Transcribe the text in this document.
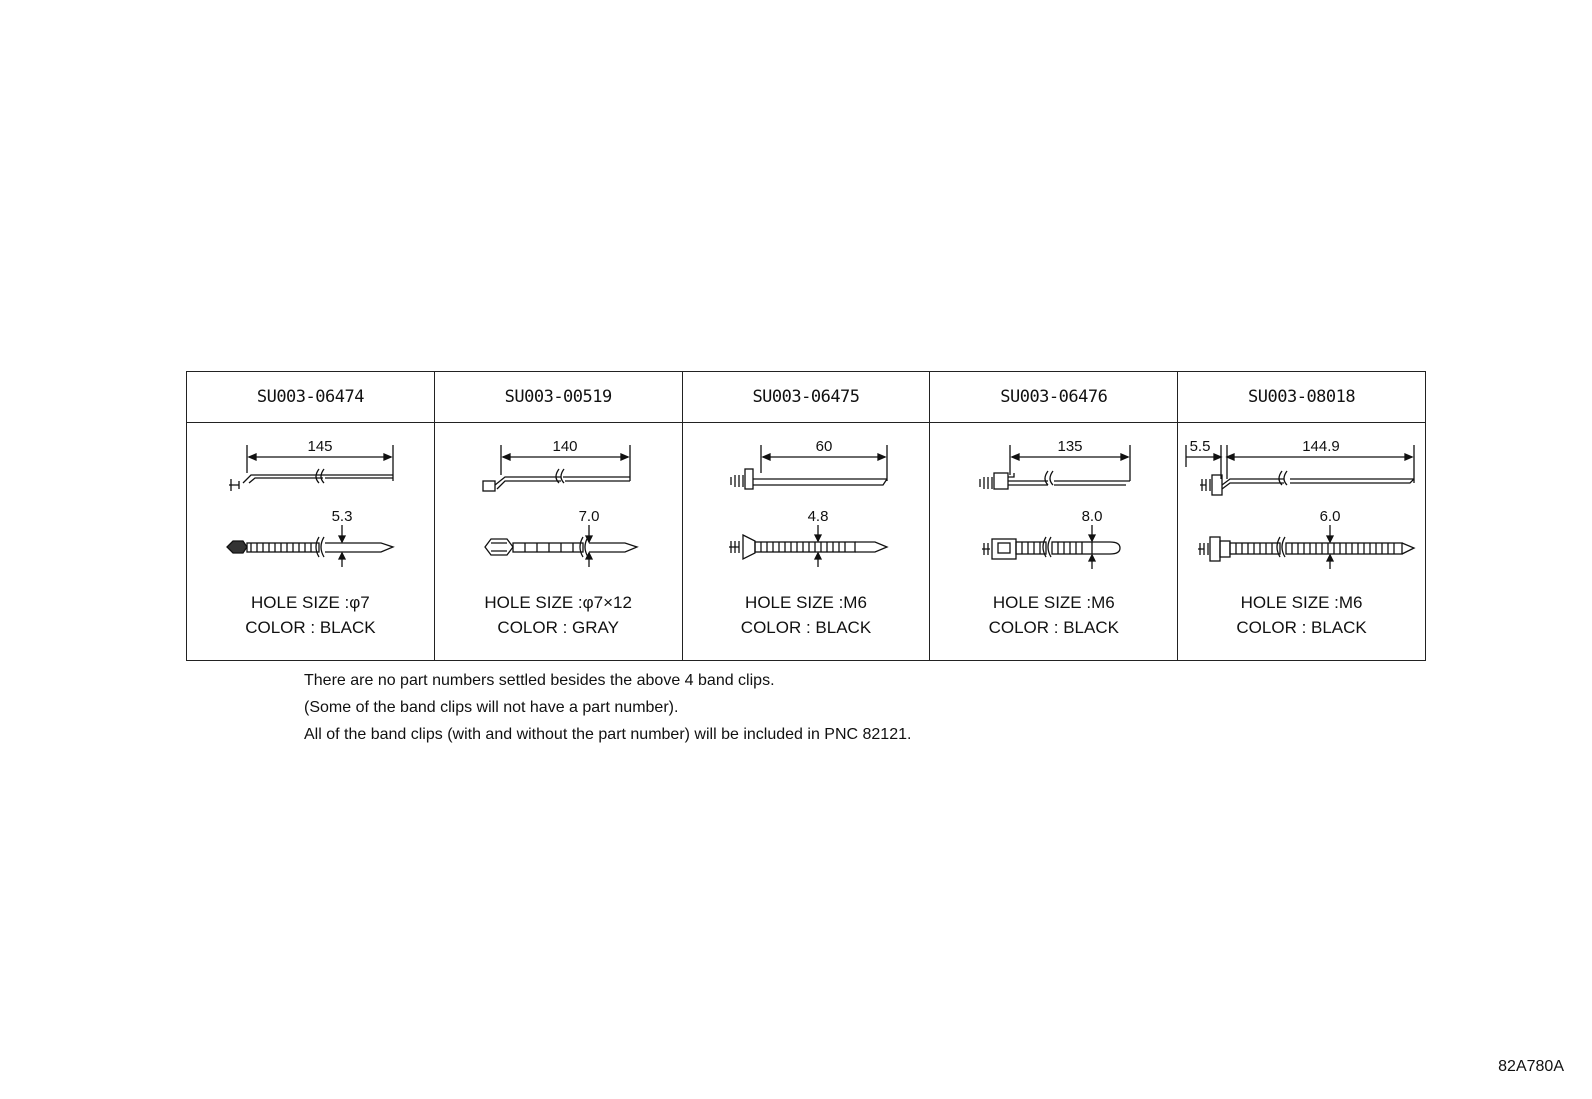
SU003-06474
145
5.3
HOLE SIZE :φ7
COLOR : BLACK
SU003-00519
140
7.0
HOLE SIZE :φ7×12
COLOR : GRAY
SU003-06475
60
4.8
HOLE SIZE :M6
COLOR : BLACK
SU003-06476
135
8.0
HOLE SIZE :M6
COLOR : BLACK
SU003-08018
5.5	144.9
6.0
HOLE SIZE :M6
COLOR : BLACK

There are no part numbers settled besides the above 4 band clips.

(Some of the band clips will not have a part number).

All of the band clips (with and without the part number) will be included in PNC 82121.

82A780A
